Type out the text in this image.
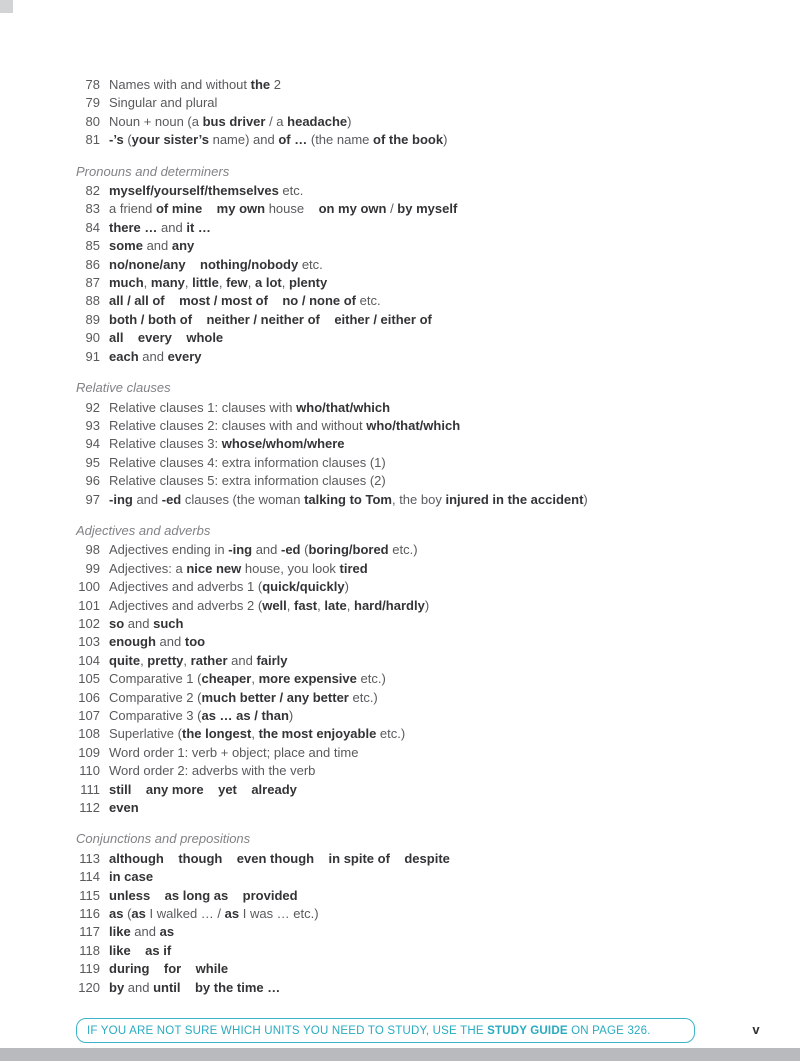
78 Names with and without the 2
79 Singular and plural
80 Noun + noun (a bus driver / a headache)
81 -’s (your sister’s name) and of … (the name of the book)
Pronouns and determiners
82 myself/yourself/themselves etc.
83 a friend of mine my own house    on my own / by myself
84 there … and it …
85 some and any
86 no/none/any nothing/nobody etc.
87 much, many, little, few, a lot, plenty
88 all / all of    most / most of    no / none of etc.
89 both / both of    neither / neither of    either / either of
90 all    every    whole
91 each and every
Relative clauses
92 Relative clauses 1: clauses with who/that/which
93 Relative clauses 2: clauses with and without who/that/which
94 Relative clauses 3: whose/whom/where
95 Relative clauses 4: extra information clauses (1)
96 Relative clauses 5: extra information clauses (2)
97 -ing and -ed clauses (the woman talking to Tom, the boy injured in the accident)
Adjectives and adverbs
98 Adjectives ending in -ing and -ed (boring/bored etc.)
99 Adjectives: a nice new house, you look tired
100 Adjectives and adverbs 1 (quick/quickly)
101 Adjectives and adverbs 2 (well, fast, late, hard/hardly)
102 so and such
103 enough and too
104 quite, pretty, rather and fairly
105 Comparative 1 (cheaper, more expensive etc.)
106 Comparative 2 (much better / any better etc.)
107 Comparative 3 (as … as / than)
108 Superlative (the longest, the most enjoyable etc.)
109 Word order 1: verb + object; place and time
110 Word order 2: adverbs with the verb
111 still    any more    yet    already
112 even
Conjunctions and prepositions
113 although    though    even though    in spite of    despite
114 in case
115 unless    as long as    provided
116 as (as I walked … / as I was … etc.)
117 like and as
118 like    as if
119 during    for    while
120 by and until by the time …
IF YOU ARE NOT SURE WHICH UNITS YOU NEED TO STUDY, USE THE STUDY GUIDE ON PAGE 326.	v
